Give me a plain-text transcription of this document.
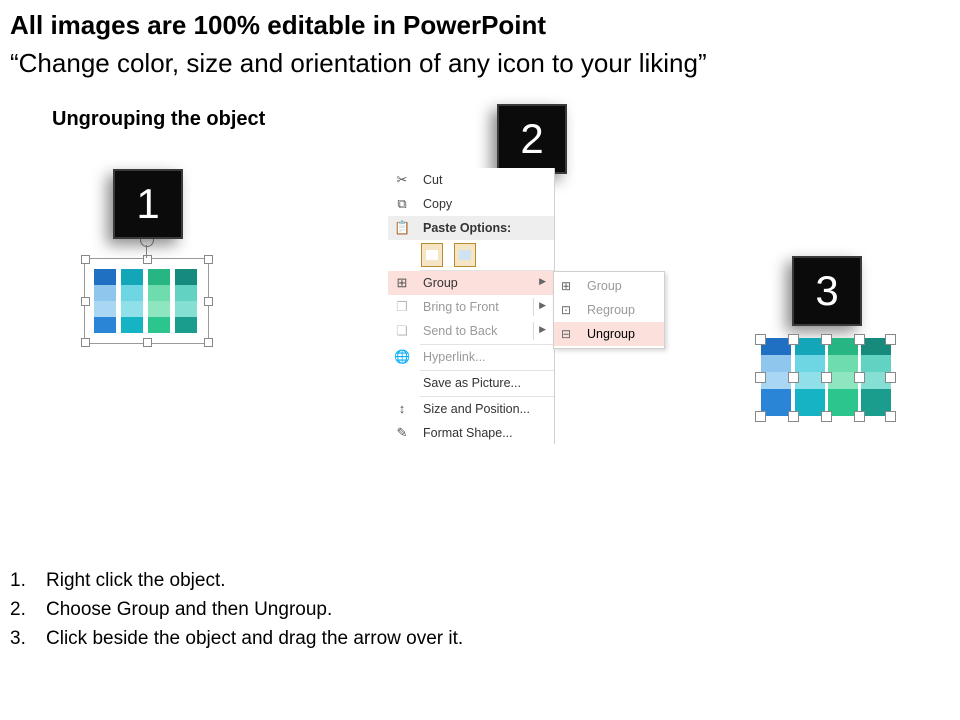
All images are 100% editable in PowerPoint
“Change color, size and orientation of any icon to your liking”
Ungrouping the object
1
2
3
✂ Cut
⧉ Copy
📋 Paste Options:
⊞ Group	▶
❐ Bring to Front	▶
❏ Send to Back	▶
🌐 Hyperlink...
Save as Picture...
↕	Size and Position...
✎ Format Shape...
⊞ Group
⊡ Regroup
⊟ Ungroup
1. Right click the object.
2. Choose Group and then Ungroup.
3. Click beside the object and drag the arrow over it.
